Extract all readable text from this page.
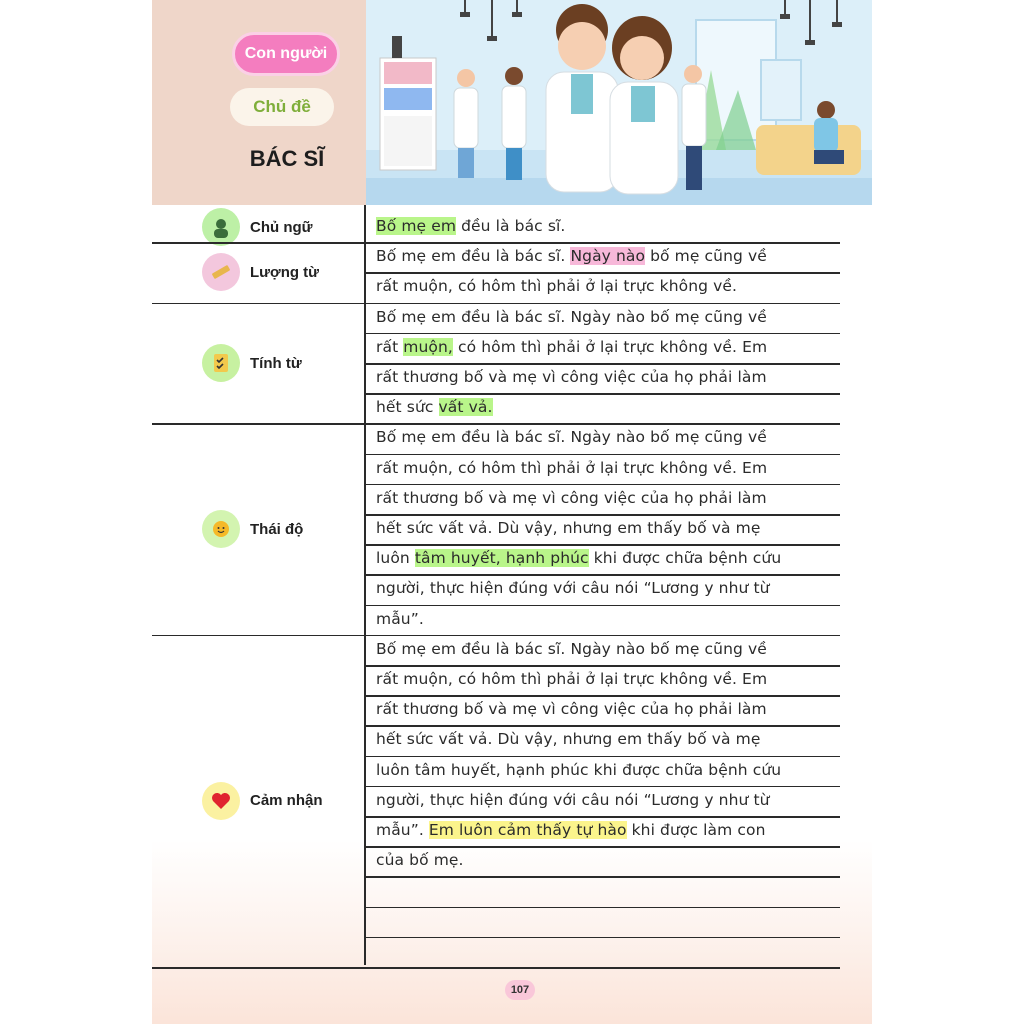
Con người
Chủ đề
BÁC SĨ
Chủ ngữ	Bố mẹ em đều là bác sĩ.
Lượng từ
Bố mẹ em đều là bác sĩ. Ngày nào bố mẹ cũng về
rất muộn, có hôm thì phải ở lại trực không về.
Tính từ
Bố mẹ em đều là bác sĩ. Ngày nào bố mẹ cũng về
rất muộn, có hôm thì phải ở lại trực không về. Em
rất thương bố và mẹ vì công việc của họ phải làm
hết sức vất vả.
Thái độ
Bố mẹ em đều là bác sĩ. Ngày nào bố mẹ cũng về
rất muộn, có hôm thì phải ở lại trực không về. Em
rất thương bố và mẹ vì công việc của họ phải làm
hết sức vất vả. Dù vậy, nhưng em thấy bố và mẹ
luôn tâm huyết, hạnh phúc khi được chữa bệnh cứu
người, thực hiện đúng với câu nói “Lương y như từ
mẫu”.
Cảm nhận
Bố mẹ em đều là bác sĩ. Ngày nào bố mẹ cũng về
rất muộn, có hôm thì phải ở lại trực không về. Em
rất thương bố và mẹ vì công việc của họ phải làm
hết sức vất vả. Dù vậy, nhưng em thấy bố và mẹ
luôn tâm huyết, hạnh phúc khi được chữa bệnh cứu
người, thực hiện đúng với câu nói “Lương y như từ
mẫu”. Em luôn cảm thấy tự hào khi được làm con
của bố mẹ.
107
